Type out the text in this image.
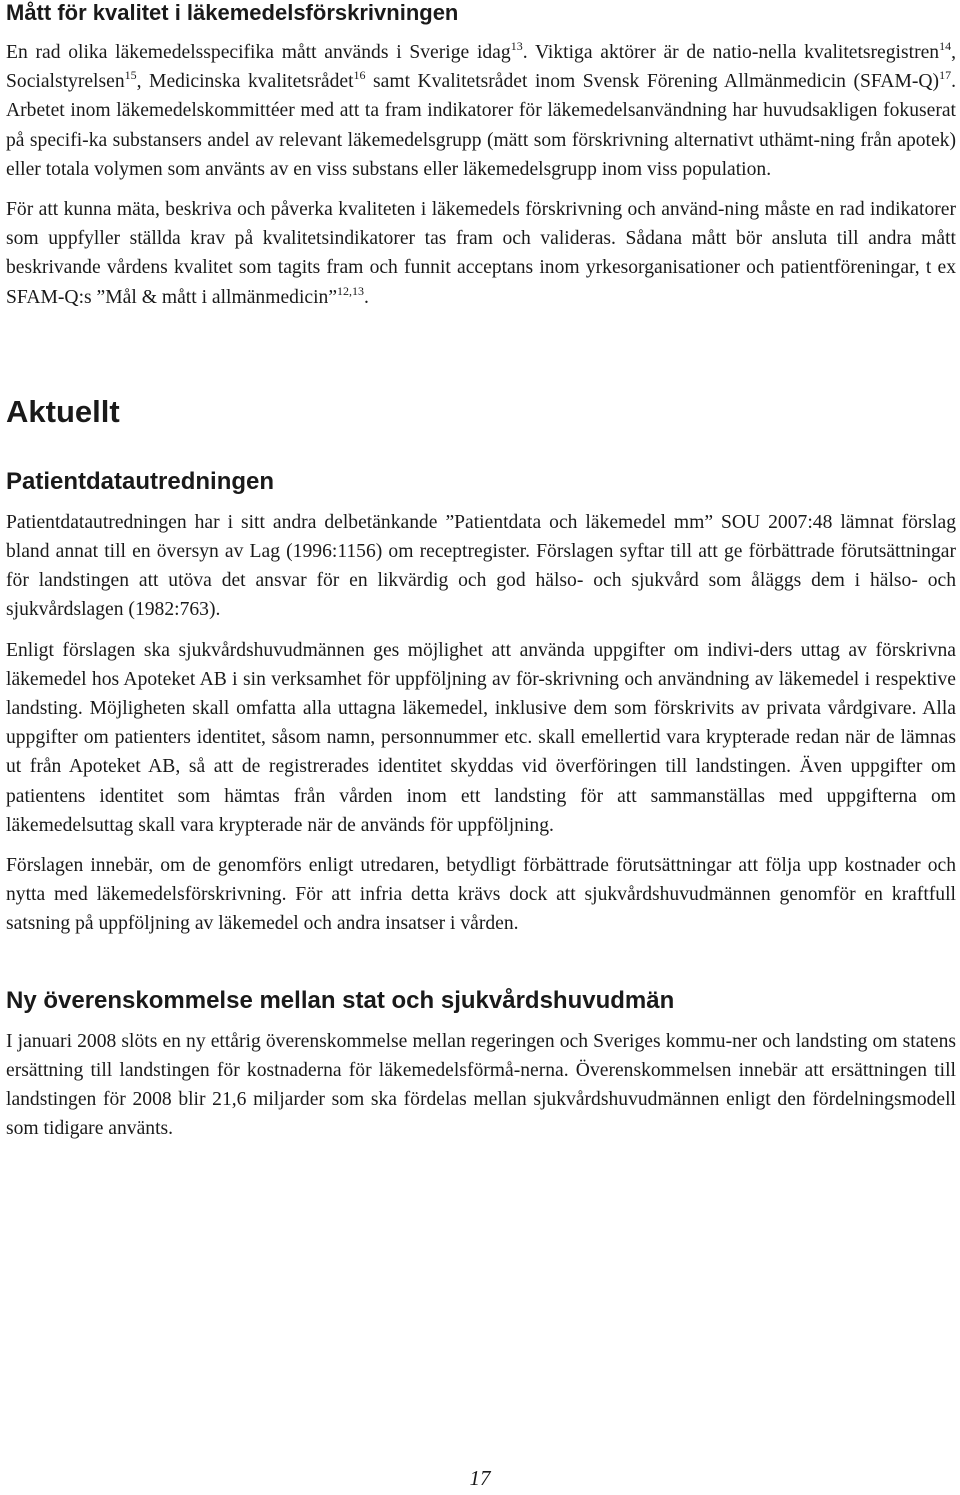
Mått för kvalitet i läkemedelsförskrivningen

En rad olika läkemedelsspecifika mått används i Sverige idag$^{13}$. Viktiga aktörer är de natio-nella kvalitetsregistren$^{14}$, Socialstyrelsen$^{15}$, Medicinska kvalitetsrådet$^{16}$ samt Kvalitetsrådet inom Svensk Förening Allmänmedicin (SFAM-Q)$^{17}$. Arbetet inom läkemedelskommittéer med att ta fram indikatorer för läkemedelsanvändning har huvudsakligen fokuserat på specifi-ka substansers andel av relevant läkemedelsgrupp (mätt som förskrivning alternativt uthämt-ning från apotek) eller totala volymen som använts av en viss substans eller läkemedelsgrupp inom viss population.

För att kunna mäta, beskriva och påverka kvaliteten i läkemedels förskrivning och använd-ning måste en rad indikatorer som uppfyller ställda krav på kvalitetsindikatorer tas fram och valideras. Sådana mått bör ansluta till andra mått beskrivande vårdens kvalitet som tagits fram och funnit acceptans inom yrkesorganisationer och patientföreningar, t ex SFAM-Q:s ”Mål & mått i allmänmedicin”$^{12,13}$.

Aktuellt
Patientdatautredningen

Patientdatautredningen har i sitt andra delbetänkande ”Patientdata och läkemedel mm” SOU 2007:48 lämnat förslag bland annat till en översyn av Lag (1996:1156) om receptregister. Förslagen syftar till att ge förbättrade förutsättningar för landstingen att utöva det ansvar för en likvärdig och god hälso- och sjukvård som åläggs dem i hälso- och sjukvårdslagen (1982:763).

Enligt förslagen ska sjukvårdshuvudmännen ges möjlighet att använda uppgifter om indivi-ders uttag av förskrivna läkemedel hos Apoteket AB i sin verksamhet för uppföljning av för-skrivning och användning av läkemedel i respektive landsting. Möjligheten skall omfatta alla uttagna läkemedel, inklusive dem som förskrivits av privata vårdgivare. Alla uppgifter om patienters identitet, såsom namn, personnummer etc. skall emellertid vara krypterade redan när de lämnas ut från Apoteket AB, så att de registrerades identitet skyddas vid överföringen till landstingen. Även uppgifter om patientens identitet som hämtas från vården inom ett landsting för att sammanställas med uppgifterna om läkemedelsuttag skall vara krypterade när de används för uppföljning.

Förslagen innebär, om de genomförs enligt utredaren, betydligt förbättrade förutsättningar att följa upp kostnader och nytta med läkemedelsförskrivning. För att infria detta krävs dock att sjukvårdshuvudmännen genomför en kraftfull satsning på uppföljning av läkemedel och andra insatser i vården.

Ny överenskommelse mellan stat och sjukvårdshuvudmän

I januari 2008 slöts en ny ettårig överenskommelse mellan regeringen och Sveriges kommu-ner och landsting om statens ersättning till landstingen för kostnaderna för läkemedelsförmå-nerna. Överenskommelsen innebär att ersättningen till landstingen för 2008 blir 21,6 miljarder som ska fördelas mellan sjukvårdshuvudmännen enligt den fördelningsmodell som tidigare använts.

17
